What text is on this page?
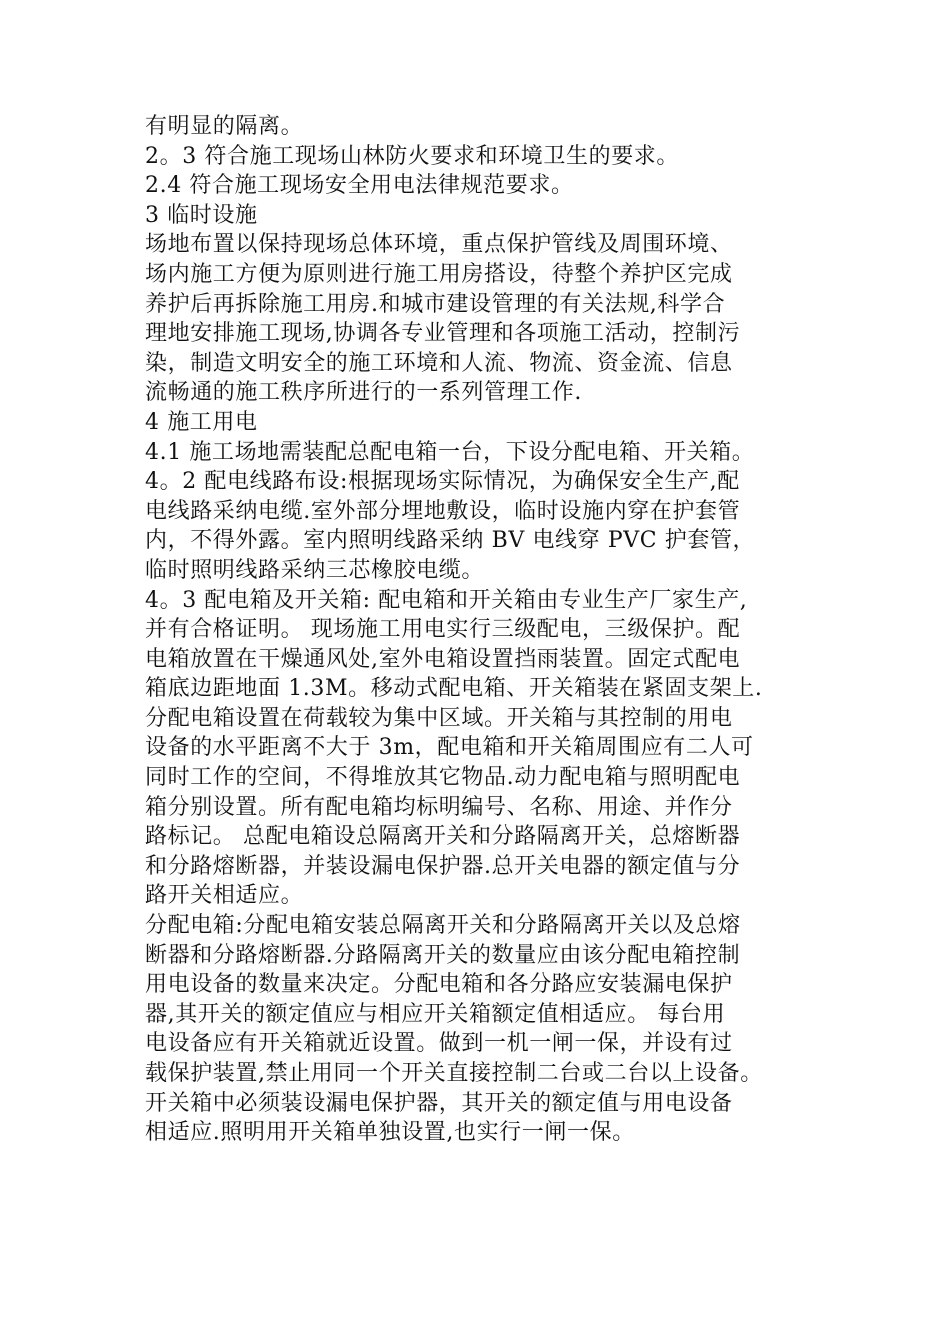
有明显的隔离。
2。3 符合施工现场山林防火要求和环境卫生的要求。
2.4 符合施工现场安全用电法律规范要求。
3 临时设施
场地布置以保持现场总体环境，重点保护管线及周围环境、
场内施工方便为原则进行施工用房搭设，待整个养护区完成
养护后再拆除施工用房.和城市建设管理的有关法规,科学合
理地安排施工现场,协调各专业管理和各项施工活动，控制污
染，制造文明安全的施工环境和人流、物流、资金流、信息
流畅通的施工秩序所进行的一系列管理工作.
4 施工用电
4.1 施工场地需装配总配电箱一台，下设分配电箱、开关箱。
4。2 配电线路布设:根据现场实际情况，为确保安全生产,配
电线路采纳电缆.室外部分埋地敷设，临时设施内穿在护套管
内，不得外露。室内照明线路采纳 BV 电线穿 PVC 护套管，
临时照明线路采纳三芯橡胶电缆。
4。3 配电箱及开关箱: 配电箱和开关箱由专业生产厂家生产,
并有合格证明。 现场施工用电实行三级配电，三级保护。配
电箱放置在干燥通风处,室外电箱设置挡雨装置。固定式配电
箱底边距地面 1.3M。移动式配电箱、开关箱装在紧固支架上.
分配电箱设置在荷载较为集中区域。开关箱与其控制的用电
设备的水平距离不大于 3m，配电箱和开关箱周围应有二人可
同时工作的空间，不得堆放其它物品.动力配电箱与照明配电
箱分别设置。所有配电箱均标明编号、名称、用途、并作分
路标记。 总配电箱设总隔离开关和分路隔离开关，总熔断器
和分路熔断器，并装设漏电保护器.总开关电器的额定值与分
路开关相适应。
分配电箱:分配电箱安装总隔离开关和分路隔离开关以及总熔
断器和分路熔断器.分路隔离开关的数量应由该分配电箱控制
用电设备的数量来决定。分配电箱和各分路应安装漏电保护
器,其开关的额定值应与相应开关箱额定值相适应。 每台用
电设备应有开关箱就近设置。做到一机一闸一保，并设有过
载保护装置,禁止用同一个开关直接控制二台或二台以上设备。
开关箱中必须装设漏电保护器，其开关的额定值与用电设备
相适应.照明用开关箱单独设置,也实行一闸一保。
